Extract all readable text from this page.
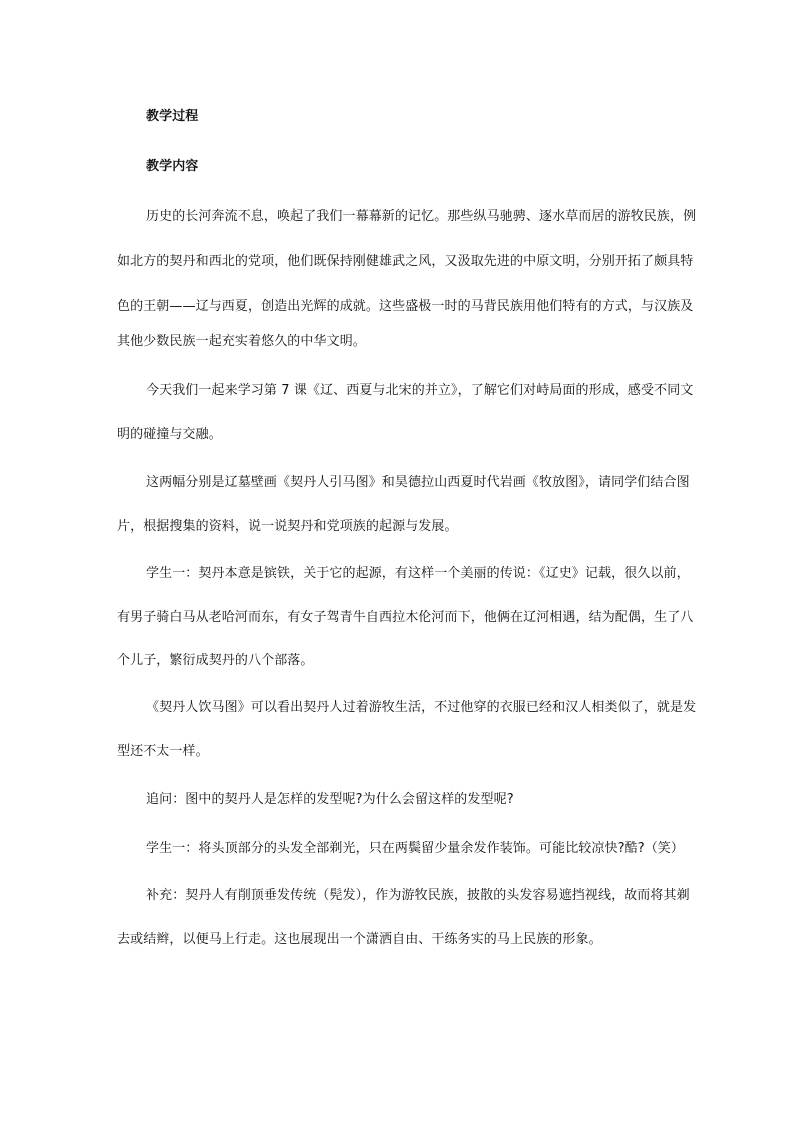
教学过程
教学内容
历史的长河奔流不息，唤起了我们一幕幕新的记忆。那些纵马驰骋、逐水草而居的游牧民族，例
如北方的契丹和西北的党项，他们既保持刚健雄武之风，又汲取先进的中原文明，分别开拓了颇具特
色的王朝——辽与西夏，创造出光辉的成就。这些盛极一时的马背民族用他们特有的方式，与汉族及
其他少数民族一起充实着悠久的中华文明。
今天我们一起来学习第 7 课《辽、西夏与北宋的并立》，了解它们对峙局面的形成，感受不同文
明的碰撞与交融。
这两幅分别是辽墓壁画《契丹人引马图》和昊德拉山西夏时代岩画《牧放图》，请同学们结合图
片，根据搜集的资料，说一说契丹和党项族的起源与发展。
学生一：契丹本意是镔铁，关于它的起源，有这样一个美丽的传说：《辽史》记载，很久以前，
有男子骑白马从老哈河而东，有女子驾青牛自西拉木伦河而下，他俩在辽河相遇，结为配偶，生了八
个儿子，繁衍成契丹的八个部落。
《契丹人饮马图》可以看出契丹人过着游牧生活，不过他穿的衣服已经和汉人相类似了，就是发
型还不太一样。
追问：图中的契丹人是怎样的发型呢?为什么会留这样的发型呢?
学生一：将头顶部分的头发全部剃光，只在两鬓留少量余发作装饰。可能比较凉快?酷?（笑）
补充：契丹人有削顶垂发传统（髡发），作为游牧民族，披散的头发容易遮挡视线，故而将其剃
去或结辫，以便马上行走。这也展现出一个潇洒自由、干练务实的马上民族的形象。
